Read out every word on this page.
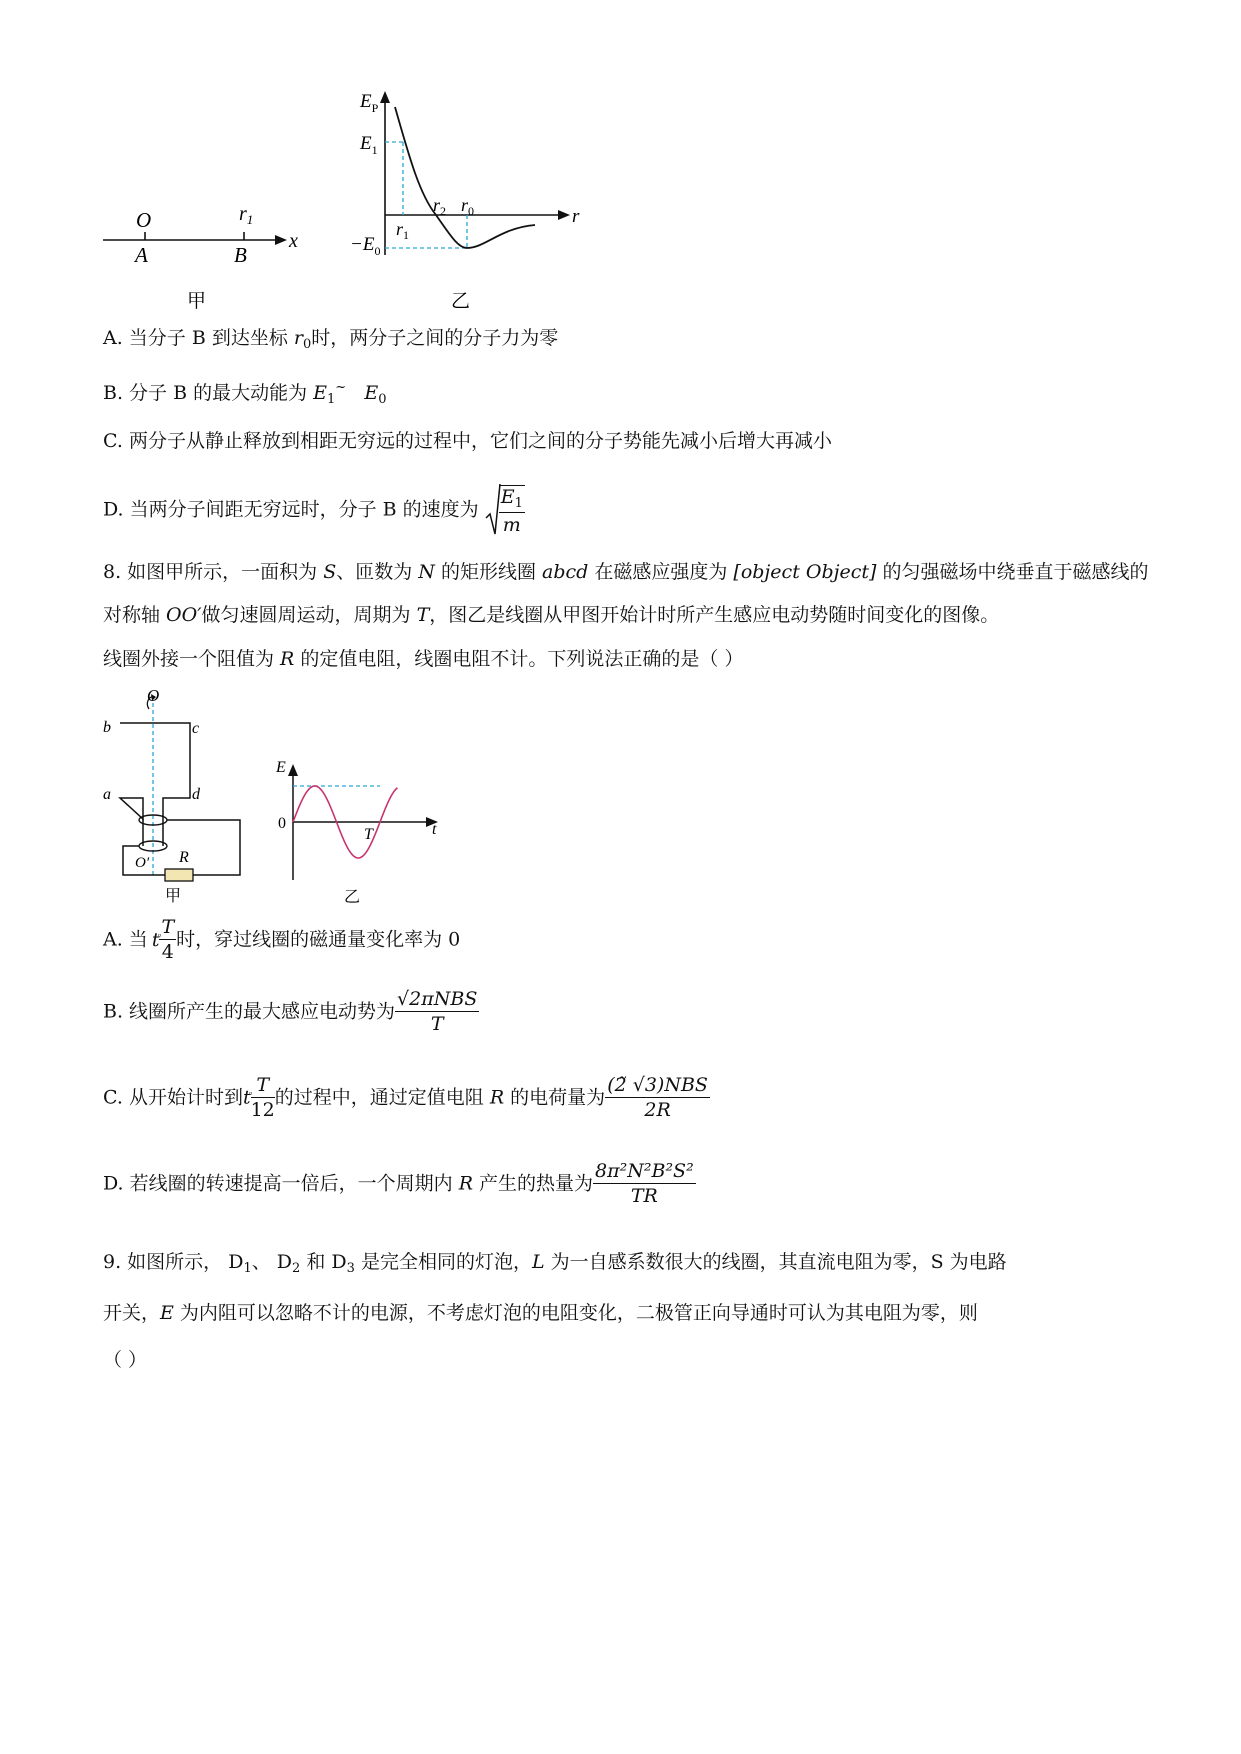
O	$r_1$
A	B
x
甲
$E_P$
$E_1$
$-E_0$
$r_1$
$r_2$ $r_0$	r
乙
A. 当分子 B 到达坐标 $r_0$时，两分子之间的分子力为零
B. 分子 B 的最大动能为 $E_1^\sim$ $E_0$
C. 两分子从静止释放到相距无穷远的过程中，它们之间的分子势能先减小后增大再减小
D. 当两分子间距无穷远时，分子 B 的速度为 $\frac{E_1}{m}$
8. 如图甲所示，一面积为 S、匝数为 N 的矩形线圈 abcd 在磁感应强度为 [object Object] 的匀强磁场中绕垂直于磁感线的
对称轴 OO′做匀速圆周运动，周期为 T，图乙是线圈从甲图开始计时所产生感应电动势随时间变化的图像。
线圈外接一个阻值为 R 的定值电阻，线圈电阻不计。下列说法正确的是（ ）
O
b	c
a	d
O′ R
甲
E
0
T	t
乙
A. 当 t $\frac{T}{4}$ 时，穿过线圈的磁通量变化率为 0
B. 线圈所产生的最大感应电动势为 $\frac{\text{√2πNBS}}{T}$
C. 从开始计时到t $\frac{T}{12}$ 的过程中，通过定值电阻 R 的电荷量为 $\frac{\text{(2̃ √3)NBS}}{2R}$
D. 若线圈的转速提高一倍后，一个周期内 R 产生的热量为 $\frac{\text{8π²N²B²S²}}{TR}$
9. 如图所示， $D_1$、 $D_2$ 和 $D_3$ 是完全相同的灯泡，L 为一自感系数很大的线圈，其直流电阻为零，S 为电路
开关，E 为内阻可以忽略不计的电源，不考虑灯泡的电阻变化，二极管正向导通时可认为其电阻为零，则
（ ）
